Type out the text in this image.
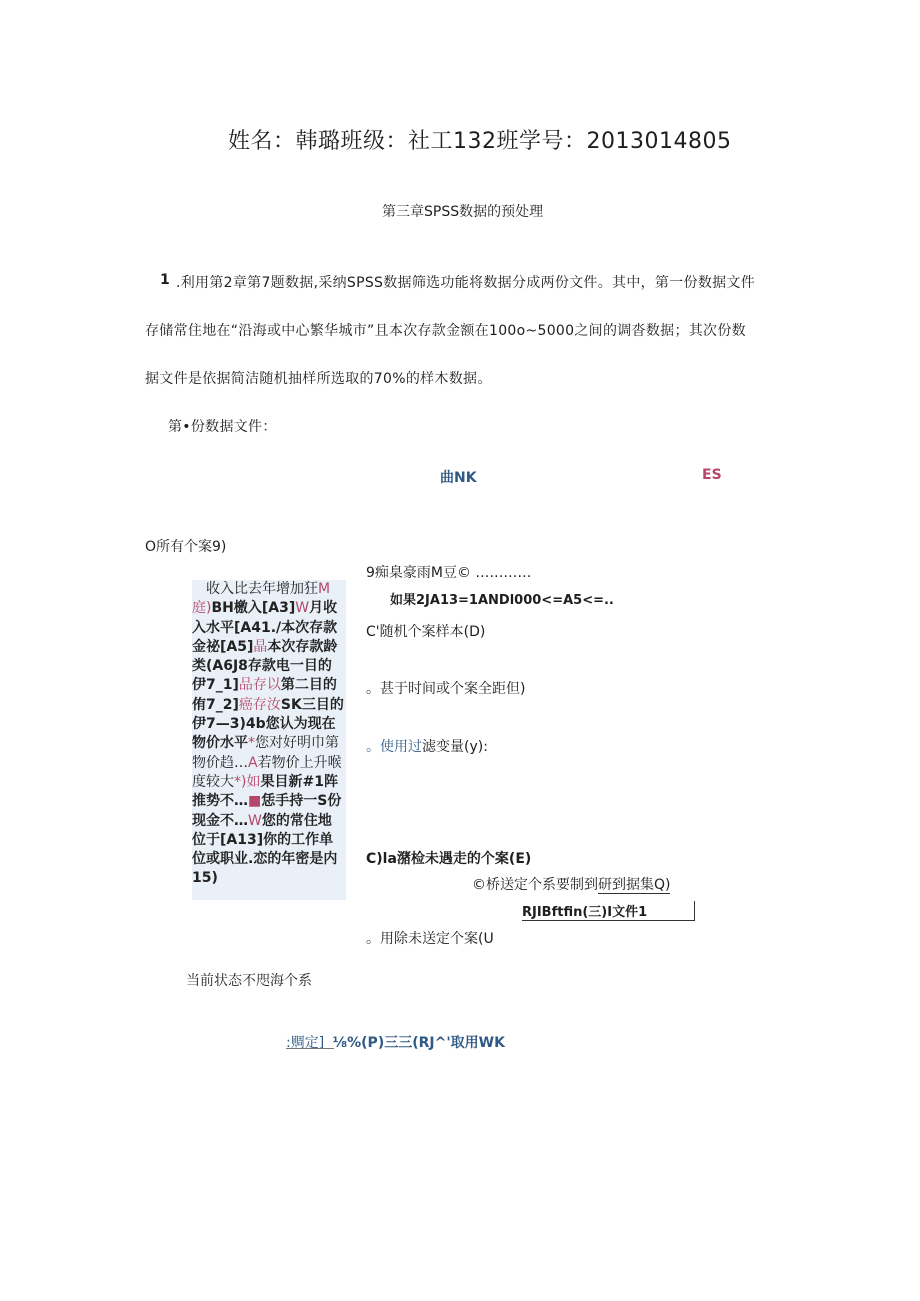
姓名：韩璐班级：社工132班学号：2013014805
第三章SPSS数据的预处理
1 .利用第2章第7题数据,采纳SPSS数据筛选功能将数据分成两份文件。其中，第一份数据文件
存储常住地在“沿海或中心繁华城市”且本次存款金额在100o~5000之间的调沓数据；其次份数
据文件是依据简洁随机抽样所选取的70%的样木数据。
第•份数据文件：
曲NK	ES
O所有个案9)
收入比去年增加狂M庭)BH檄入[A3]W月收入水平[A41./本次存款金祕[A5]晶本次存款龄类(A6J8存款电一目的伊7_1]品存以第二目的侑7_2]癌存汝SK三目的伊7—3)4b您认为现在物价水平*您对好明巾第物价趋…A若物价上升喉度较大*)如果目新#1阵推势不…■恁手持一S份现金不…W您的常住地位于[A13]你的工作单位或职业.恋的年密是内15)
9痴臬豪雨M豆© …………
如果2JA13=1ANDl000<=A5<=..
C'随机个案样本(D)
。甚于时间或个案全距但)
。使用过滤变量(y):
C)la潴检未遇走的个案(E)
©桥送定个系要制到研到据集Q)
RJIBftfin(三)I文件1
。用除未送定个案(U
当前状态不咫海个系
:赒定] ⅛%(P)三三(RJ^'取用WK
